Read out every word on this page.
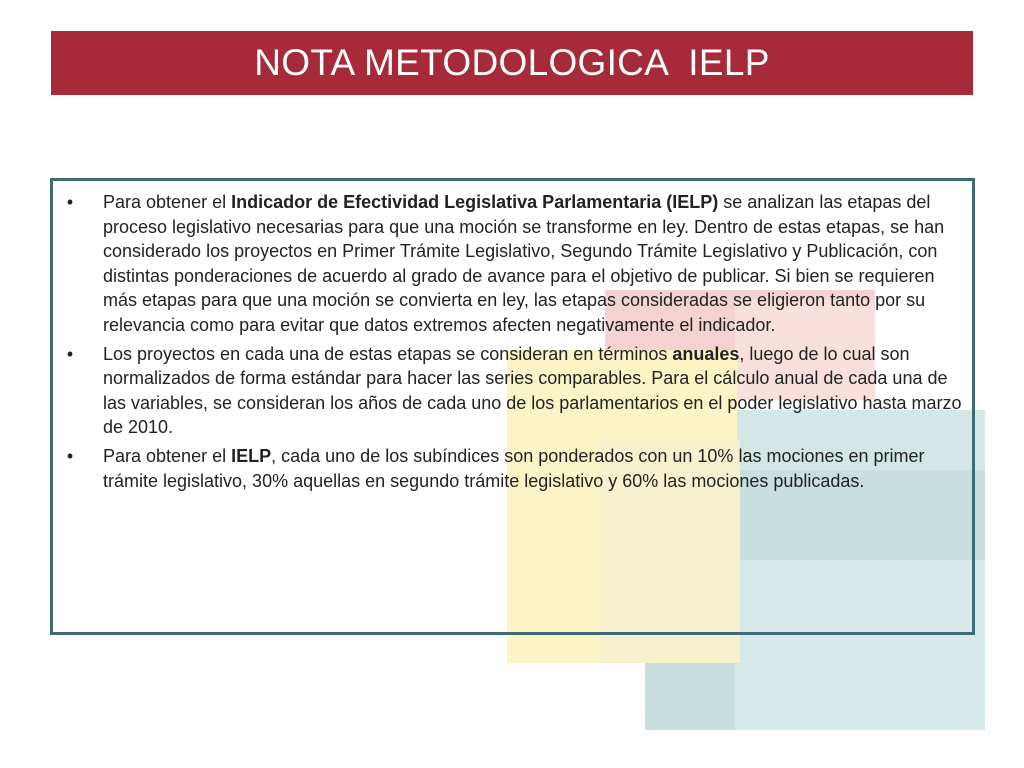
NOTA METODOLOGICA  IELP
• Para obtener el Indicador de Efectividad Legislativa Parlamentaria (IELP) se analizan las etapas del proceso legislativo necesarias para que una moción se transforme en ley. Dentro de estas etapas, se han considerado los proyectos en Primer Trámite Legislativo, Segundo Trámite Legislativo y Publicación, con distintas ponderaciones de acuerdo al grado de avance para el objetivo de publicar. Si bien se requieren más etapas para que una moción se convierta en ley, las etapas consideradas se eligieron tanto por su relevancia como para evitar que datos extremos afecten negativamente el indicador.
• Los proyectos en cada una de estas etapas se consideran en términos anuales, luego de lo cual son normalizados de forma estándar para hacer las series comparables. Para el cálculo anual de cada una de las variables, se consideran los años de cada uno de los parlamentarios en el poder legislativo hasta marzo de 2010.
• Para obtener el IELP, cada uno de los subíndices son ponderados con un 10% las mociones en primer trámite legislativo, 30% aquellas en segundo trámite legislativo y 60% las mociones publicadas.
